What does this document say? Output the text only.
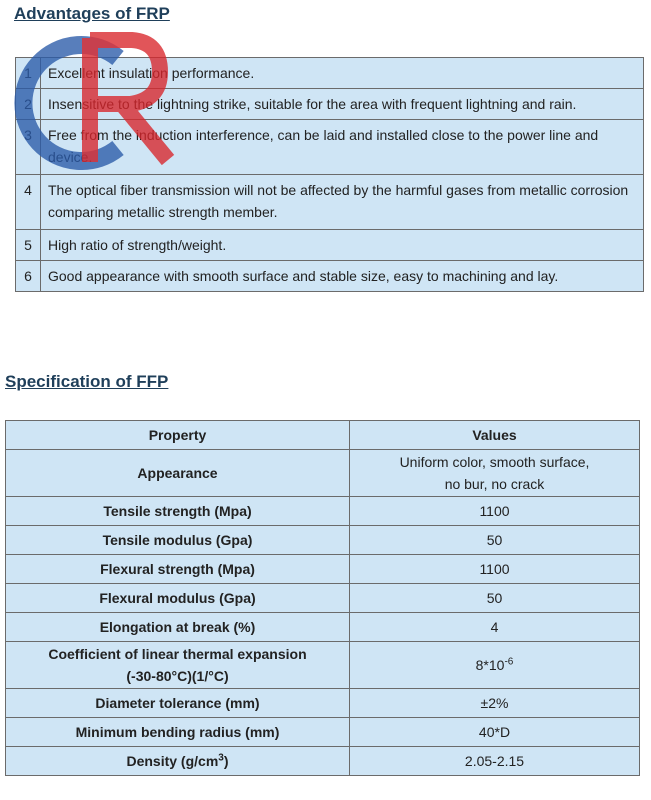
Advantages of FRP
1	Excellent insulation performance.
2	Insensitive to the lightning strike, suitable for the area with frequent lightning and rain.
3	Free from the induction interference, can be laid and installed close to the power line and device.
4	The optical fiber transmission will not be affected by the harmful gases from metallic corrosion comparing metallic strength member.
5	High ratio of strength/weight.
6	Good appearance with smooth surface and stable size, easy to machining and lay.
Specification of FFP
Property	Values
Appearance	Uniform color, smooth surface,
no bur, no crack
Tensile strength (Mpa)	1100
Tensile modulus (Gpa)	50
Flexural strength (Mpa)	1100
Flexural modulus (Gpa)	50
Elongation at break (%)	4
Coefficient of linear thermal expansion
(-30-80°C)(1/°C)	$8*10^{-6}$
Diameter tolerance (mm)	±2%
Minimum bending radius (mm)	40*D
Density $(g/cm^3)$	2.05-2.15
